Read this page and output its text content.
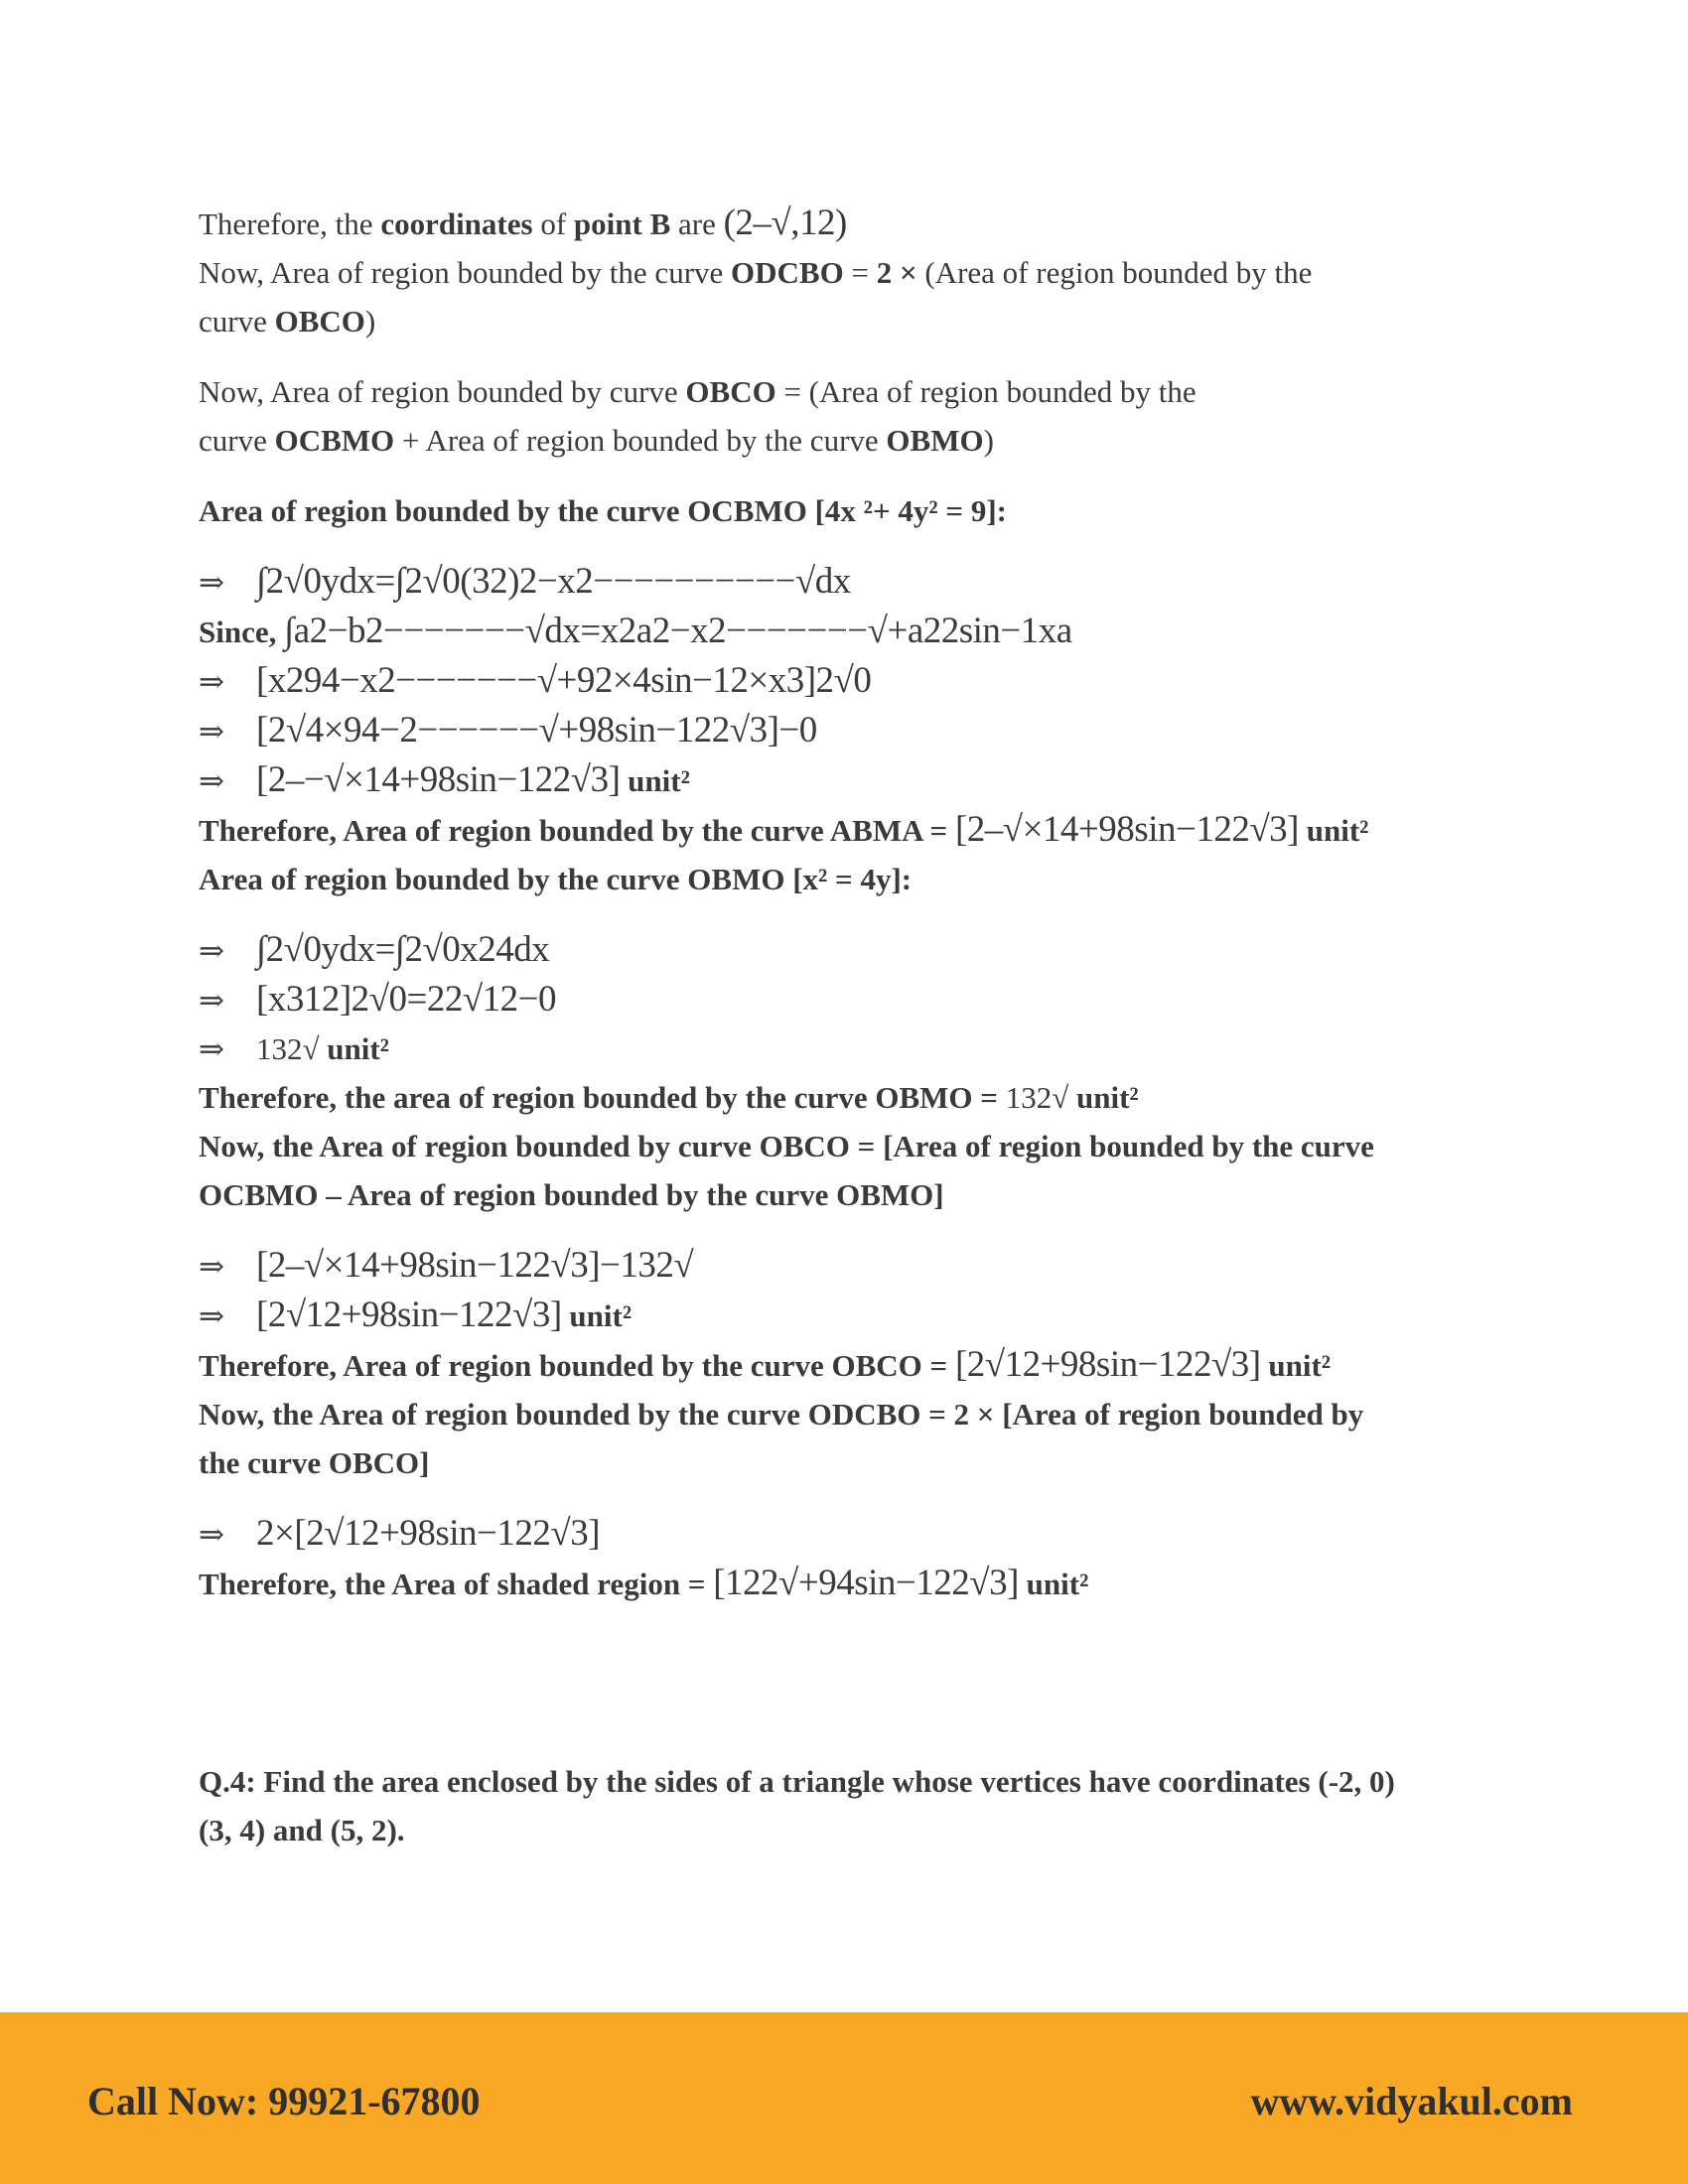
Therefore, the coordinates of point B are (2–√,12)
Now, Area of region bounded by the curve ODCBO = 2 × (Area of region bounded by the
curve OBCO)
Now, Area of region bounded by curve OBCO = (Area of region bounded by the
curve OCBMO + Area of region bounded by the curve OBMO)
Area of region bounded by the curve OCBMO [4x ²+ 4y² = 9]:
⇒ ∫2√0ydx=∫2√0(32)2−x2−−−−−−−−−−√dx
Since, ∫a2−b2−−−−−−−√dx=x2a2−x2−−−−−−−√+a22sin−1xa
⇒ [x294−x2−−−−−−−√+92×4sin−12×x3]2√0
⇒ [2√4×94−2−−−−−−√+98sin−122√3]−0
⇒ [2–−√×14+98sin−122√3] unit²
Therefore, Area of region bounded by the curve ABMA = [2–√×14+98sin−122√3] unit²
Area of region bounded by the curve OBMO [x² = 4y]:
⇒ ∫2√0ydx=∫2√0x24dx
⇒ [x312]2√0=22√12−0
⇒ 132√ unit²
Therefore, the area of region bounded by the curve OBMO = 132√ unit²
Now, the Area of region bounded by curve OBCO = [Area of region bounded by the curve
OCBMO – Area of region bounded by the curve OBMO]
⇒ [2–√×14+98sin−122√3]−132√
⇒ [2√12+98sin−122√3] unit²
Therefore, Area of region bounded by the curve OBCO = [2√12+98sin−122√3] unit²
Now, the Area of region bounded by the curve ODCBO = 2 × [Area of region bounded by
the curve OBCO]
⇒ 2×[2√12+98sin−122√3]
Therefore, the Area of shaded region = [122√+94sin−122√3] unit²
Q.4: Find the area enclosed by the sides of a triangle whose vertices have coordinates (-2, 0)
(3, 4) and (5, 2).
Call Now: 99921-67800	www.vidyakul.com
